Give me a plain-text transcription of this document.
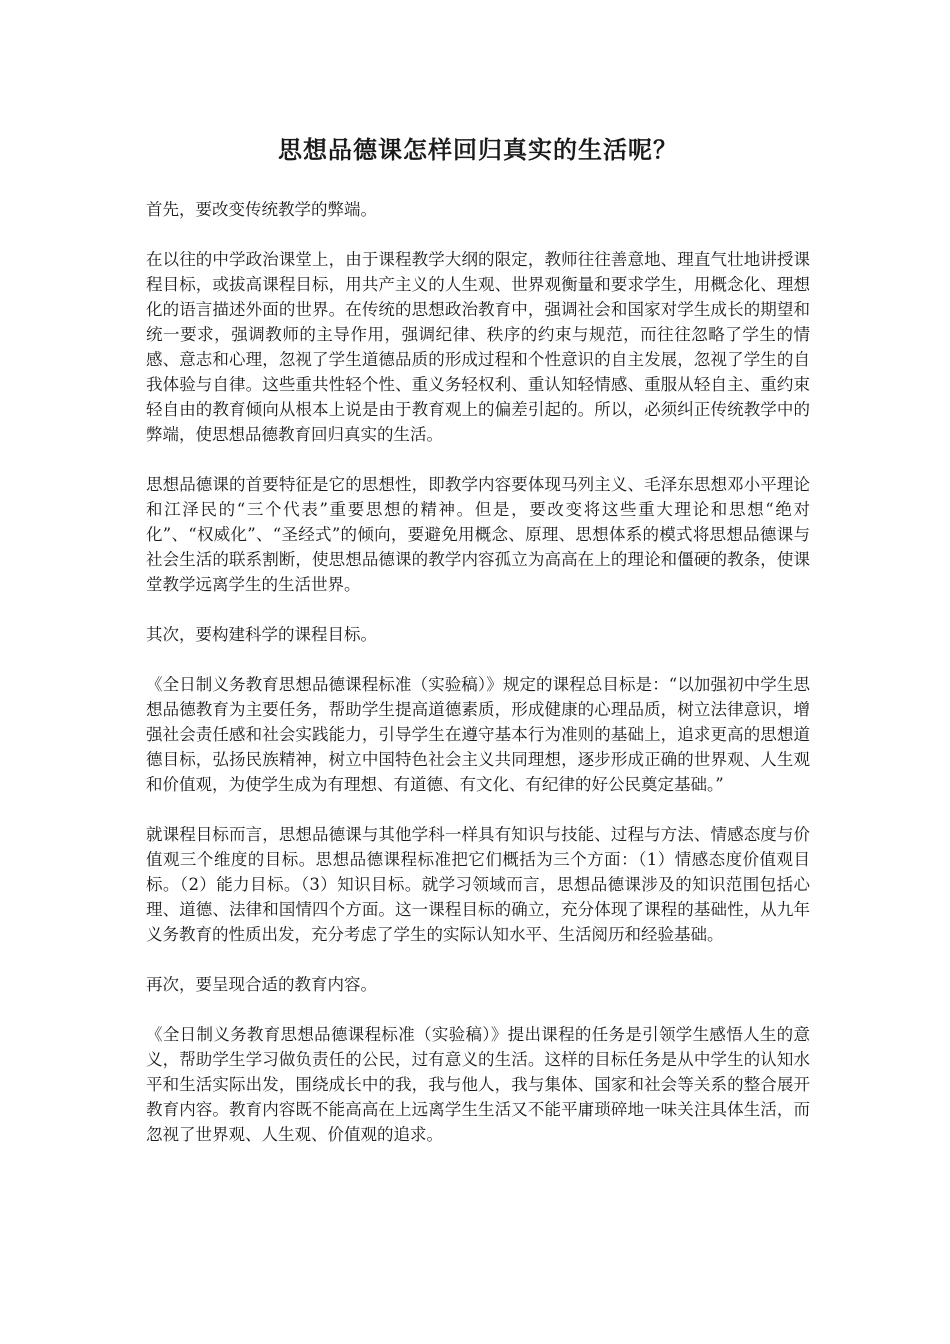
思想品德课怎样回归真实的生活呢？

首先，要改变传统教学的弊端。

在以往的中学政治课堂上，由于课程教学大纲的限定，教师往往善意地、理直气壮地讲授课程目标，或拔高课程目标，用共产主义的人生观、世界观衡量和要求学生，用概念化、理想化的语言描述外面的世界。在传统的思想政治教育中，强调社会和国家对学生成长的期望和统一要求，强调教师的主导作用，强调纪律、秩序的约束与规范，而往往忽略了学生的情感、意志和心理，忽视了学生道德品质的形成过程和个性意识的自主发展，忽视了学生的自我体验与自律。这些重共性轻个性、重义务轻权利、重认知轻情感、重服从轻自主、重约束轻自由的教育倾向从根本上说是由于教育观上的偏差引起的。所以，必须纠正传统教学中的弊端，使思想品德教育回归真实的生活。

思想品德课的首要特征是它的思想性，即教学内容要体现马列主义、毛泽东思想邓小平理论和江泽民的“三个代表”重要思想的精神。但是，要改变将这些重大理论和思想“绝对化”、“权威化”、“圣经式”的倾向，要避免用概念、原理、思想体系的模式将思想品德课与社会生活的联系割断，使思想品德课的教学内容孤立为高高在上的理论和僵硬的教条，使课堂教学远离学生的生活世界。

其次，要构建科学的课程目标。

《全日制义务教育思想品德课程标准（实验稿）》规定的课程总目标是：“以加强初中学生思想品德教育为主要任务，帮助学生提高道德素质，形成健康的心理品质，树立法律意识，增强社会责任感和社会实践能力，引导学生在遵守基本行为准则的基础上，追求更高的思想道德目标，弘扬民族精神，树立中国特色社会主义共同理想，逐步形成正确的世界观、人生观和价值观，为使学生成为有理想、有道德、有文化、有纪律的好公民奠定基础。”

就课程目标而言，思想品德课与其他学科一样具有知识与技能、过程与方法、情感态度与价值观三个维度的目标。思想品德课程标准把它们概括为三个方面：（1）情感态度价值观目标。（2）能力目标。（3）知识目标。就学习领域而言，思想品德课涉及的知识范围包括心理、道德、法律和国情四个方面。这一课程目标的确立，充分体现了课程的基础性，从九年义务教育的性质出发，充分考虑了学生的实际认知水平、生活阅历和经验基础。

再次，要呈现合适的教育内容。

《全日制义务教育思想品德课程标准（实验稿）》提出课程的任务是引领学生感悟人生的意义，帮助学生学习做负责任的公民，过有意义的生活。这样的目标任务是从中学生的认知水平和生活实际出发，围绕成长中的我，我与他人，我与集体、国家和社会等关系的整合展开教育内容。教育内容既不能高高在上远离学生生活又不能平庸琐碎地一味关注具体生活，而忽视了世界观、人生观、价值观的追求。
